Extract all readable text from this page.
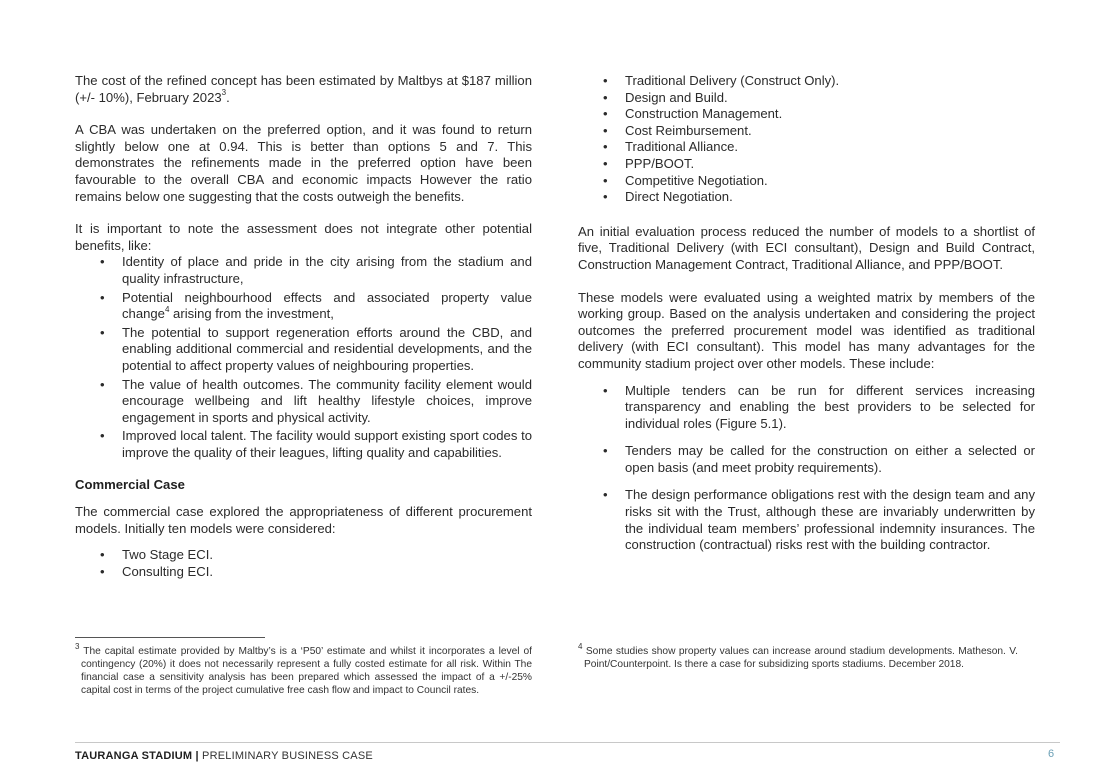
The cost of the refined concept has been estimated by Maltbys at $187 million (+/- 10%), February 2023$^3$.

A CBA was undertaken on the preferred option, and it was found to return slightly below one at 0.94. This is better than options 5 and 7. This demonstrates the refinements made in the preferred option have been favourable to the overall CBA and economic impacts However the ratio remains below one suggesting that the costs outweigh the benefits.

It is important to note the assessment does not integrate other potential benefits, like:

• Identity of place and pride in the city arising from the stadium and quality infrastructure,
• Potential neighbourhood effects and associated property value change$^4$ arising from the investment,
• The potential to support regeneration efforts around the CBD, and enabling additional commercial and residential developments, and the potential to affect property values of neighbouring properties.
• The value of health outcomes. The community facility element would encourage wellbeing and lift healthy lifestyle choices, improve engagement in sports and physical activity.
• Improved local talent. The facility would support existing sport codes to improve the quality of their leagues, lifting quality and capabilities.
Commercial Case

The commercial case explored the appropriateness of different procurement models. Initially ten models were considered:

• Two Stage ECI.
• Consulting ECI.
• Traditional Delivery (Construct Only).
• Design and Build.
• Construction Management.
• Cost Reimbursement.
• Traditional Alliance.
• PPP/BOOT.
• Competitive Negotiation.
• Direct Negotiation.

An initial evaluation process reduced the number of models to a shortlist of five, Traditional Delivery (with ECI consultant), Design and Build Contract, Construction Management Contract, Traditional Alliance, and PPP/BOOT.

These models were evaluated using a weighted matrix by members of the working group. Based on the analysis undertaken and considering the project outcomes the preferred procurement model was identified as traditional delivery (with ECI consultant). This model has many advantages for the community stadium project over other models. These include:

• Multiple tenders can be run for different services increasing transparency and enabling the best providers to be selected for individual roles (Figure 5.1).
• Tenders may be called for the construction on either a selected or open basis (and meet probity requirements).
• The design performance obligations rest with the design team and any risks sit with the Trust, although these are invariably underwritten by the individual team members’ professional indemnity insurances. The construction (contractual) risks rest with the building contractor.

$^3$ The capital estimate provided by Maltby’s is a ‘P50’ estimate and whilst it incorporates a level of contingency (20%) it does not necessarily represent a fully costed estimate for all risk. Within The financial case a sensitivity analysis has been prepared which assessed the impact of a +/-25% capital cost in terms of the project cumulative free cash flow and impact to Council rates.

$^4$ Some studies show property values can increase around stadium developments. Matheson. V. Point/Counterpoint. Is there a case for subsidizing sports stadiums. December 2018.

TAURANGA STADIUM | PRELIMINARY BUSINESS CASE	6
